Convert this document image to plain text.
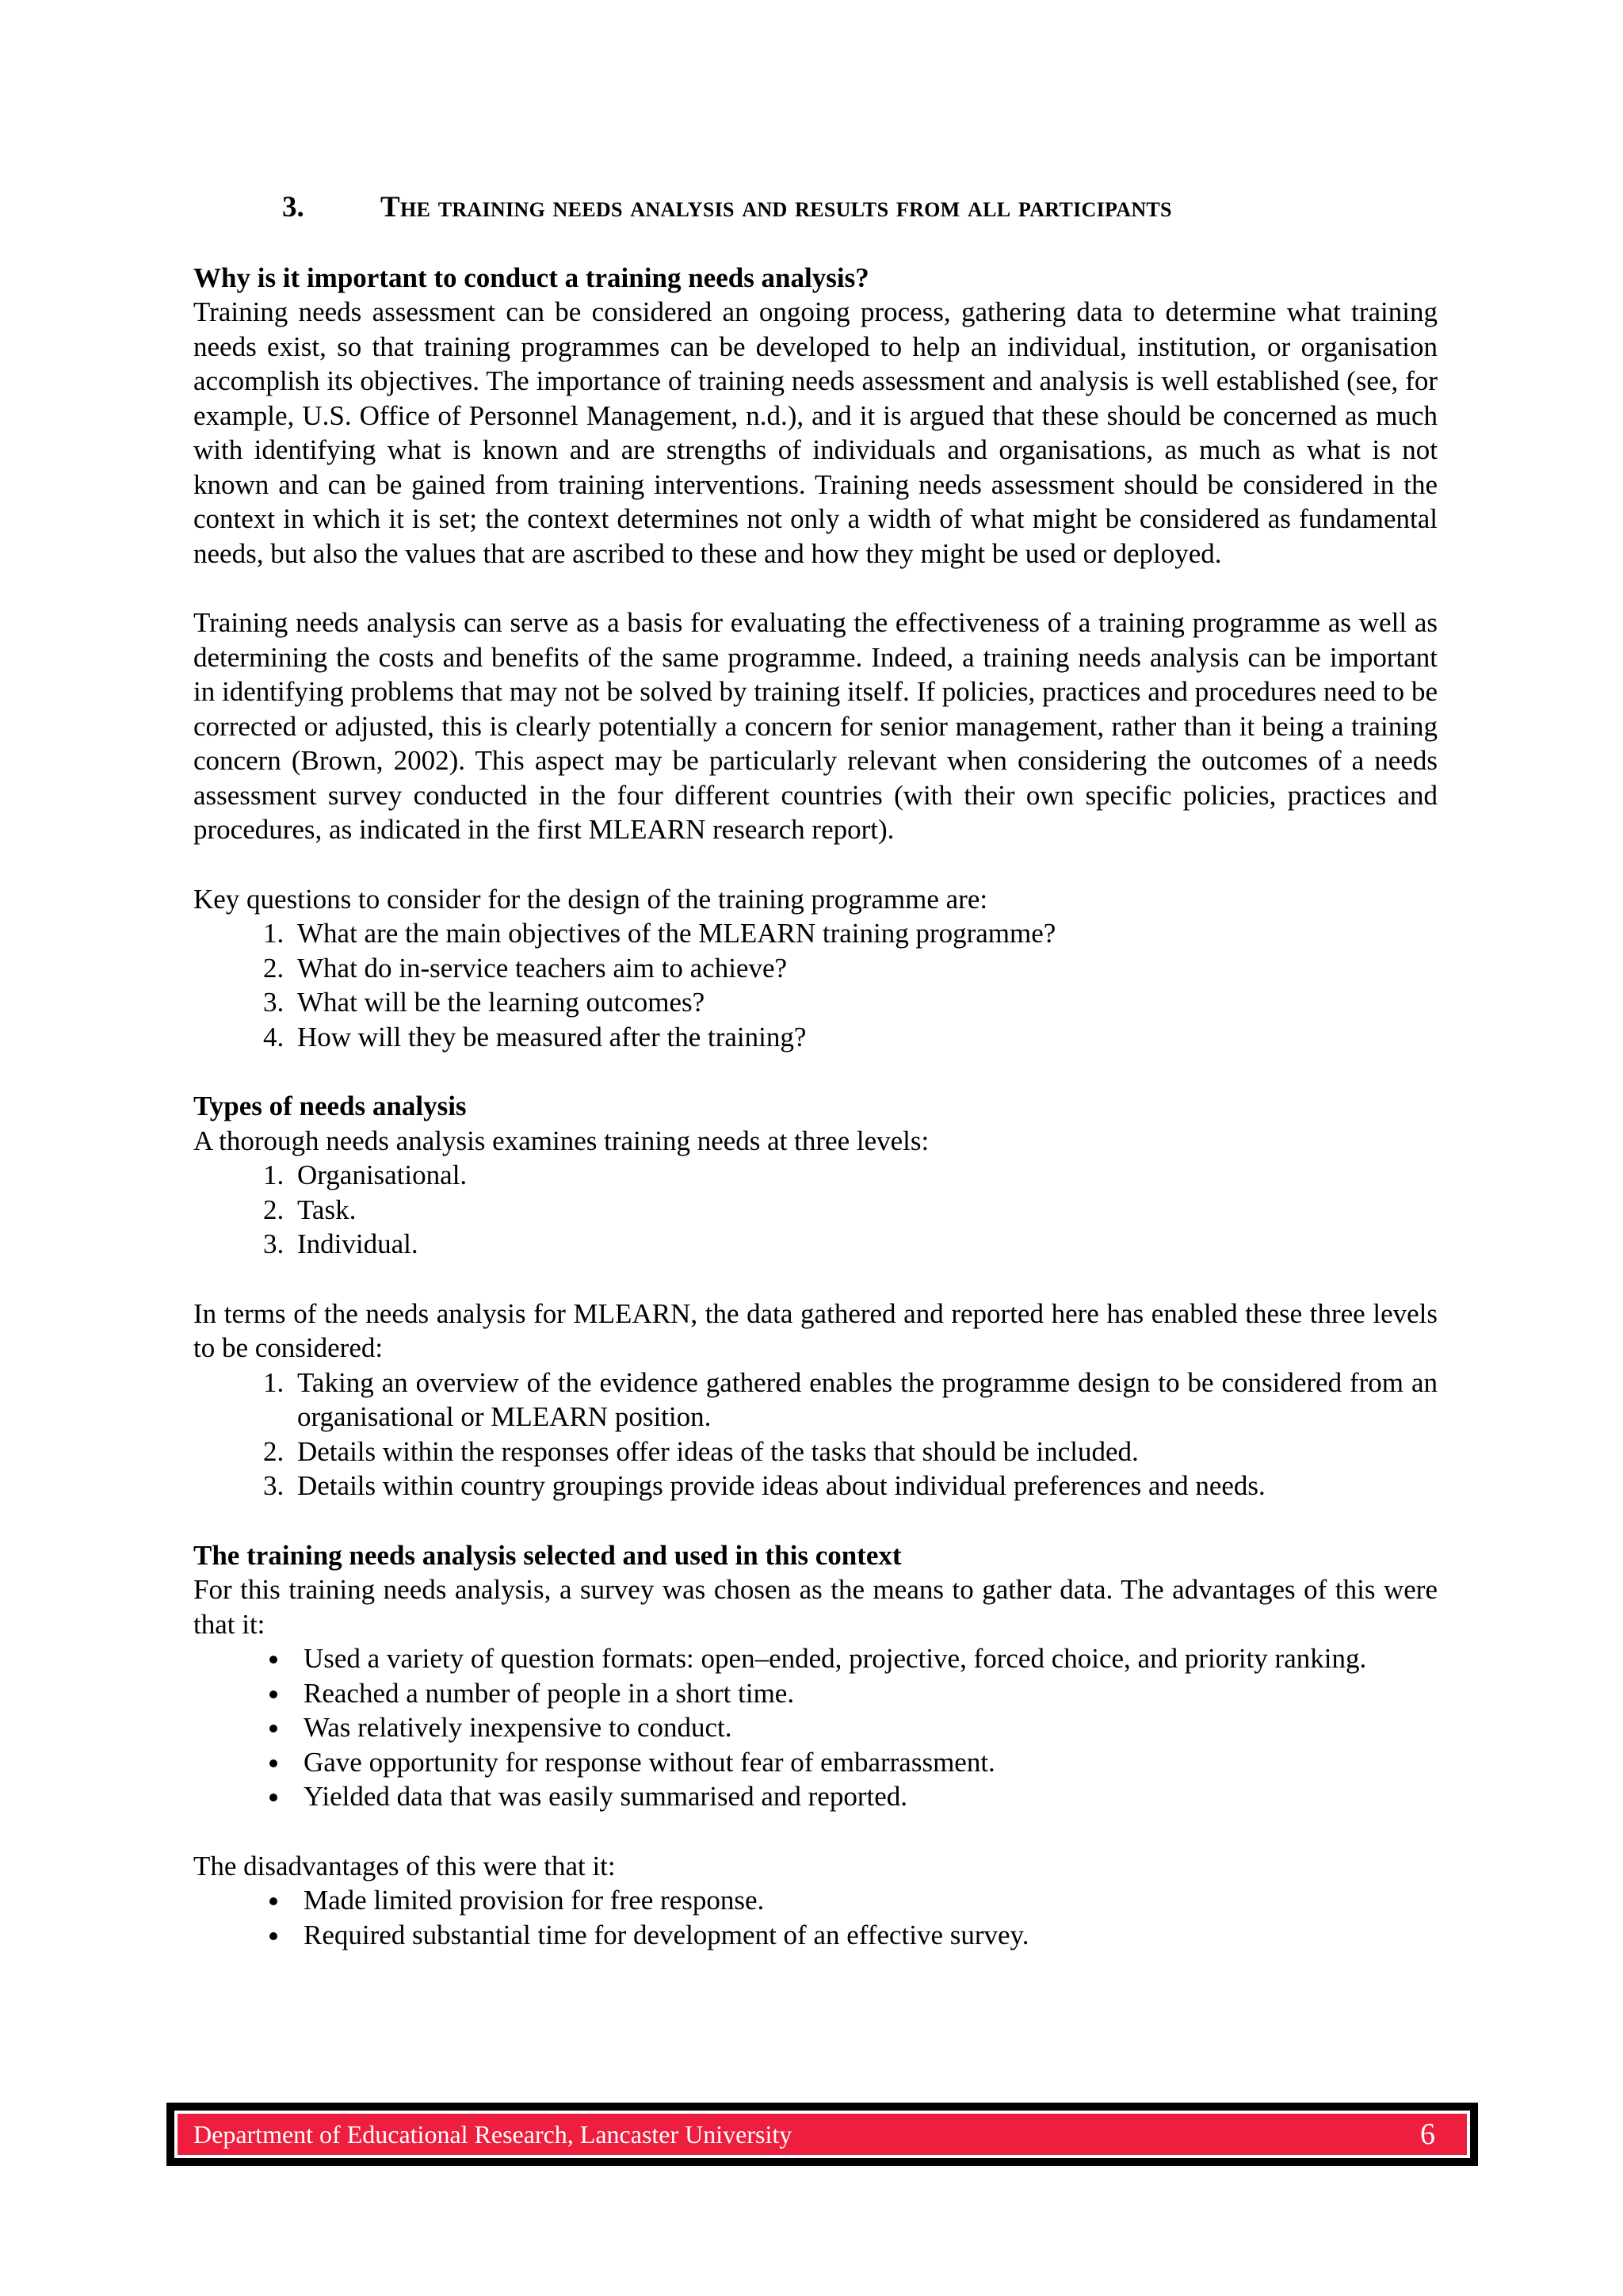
3.	The training needs analysis and results from all participants

Why is it important to conduct a training needs analysis?

Training needs assessment can be considered an ongoing process, gathering data to determine what training needs exist, so that training programmes can be developed to help an individual, institution, or organisation accomplish its objectives. The importance of training needs assessment and analysis is well established (see, for example, U.S. Office of Personnel Management, n.d.), and it is argued that these should be concerned as much with identifying what is known and are strengths of individuals and organisations, as much as what is not known and can be gained from training interventions. Training needs assessment should be considered in the context in which it is set; the context determines not only a width of what might be considered as fundamental needs, but also the values that are ascribed to these and how they might be used or deployed.

Training needs analysis can serve as a basis for evaluating the effectiveness of a training programme as well as determining the costs and benefits of the same programme. Indeed, a training needs analysis can be important in identifying problems that may not be solved by training itself. If policies, practices and procedures need to be corrected or adjusted, this is clearly potentially a concern for senior management, rather than it being a training concern (Brown, 2002). This aspect may be particularly relevant when considering the outcomes of a needs assessment survey conducted in the four different countries (with their own specific policies, practices and procedures, as indicated in the first MLEARN research report).

Key questions to consider for the design of the training programme are:

1. What are the main objectives of the MLEARN training programme?
2. What do in-service teachers aim to achieve?
3. What will be the learning outcomes?
4. How will they be measured after the training?

Types of needs analysis

A thorough needs analysis examines training needs at three levels:

1. Organisational.
2. Task.
3. Individual.

In terms of the needs analysis for MLEARN, the data gathered and reported here has enabled these three levels to be considered:

1. Taking an overview of the evidence gathered enables the programme design to be considered from an organisational or MLEARN position.
2. Details within the responses offer ideas of the tasks that should be included.
3. Details within country groupings provide ideas about individual preferences and needs.

The training needs analysis selected and used in this context

For this training needs analysis, a survey was chosen as the means to gather data. The advantages of this were that it:

• Used a variety of question formats: open–ended, projective, forced choice, and priority ranking.
• Reached a number of people in a short time.
• Was relatively inexpensive to conduct.
• Gave opportunity for response without fear of embarrassment.
• Yielded data that was easily summarised and reported.

The disadvantages of this were that it:

• Made limited provision for free response.
• Required substantial time for development of an effective survey.
Department of Educational Research, Lancaster University	6
